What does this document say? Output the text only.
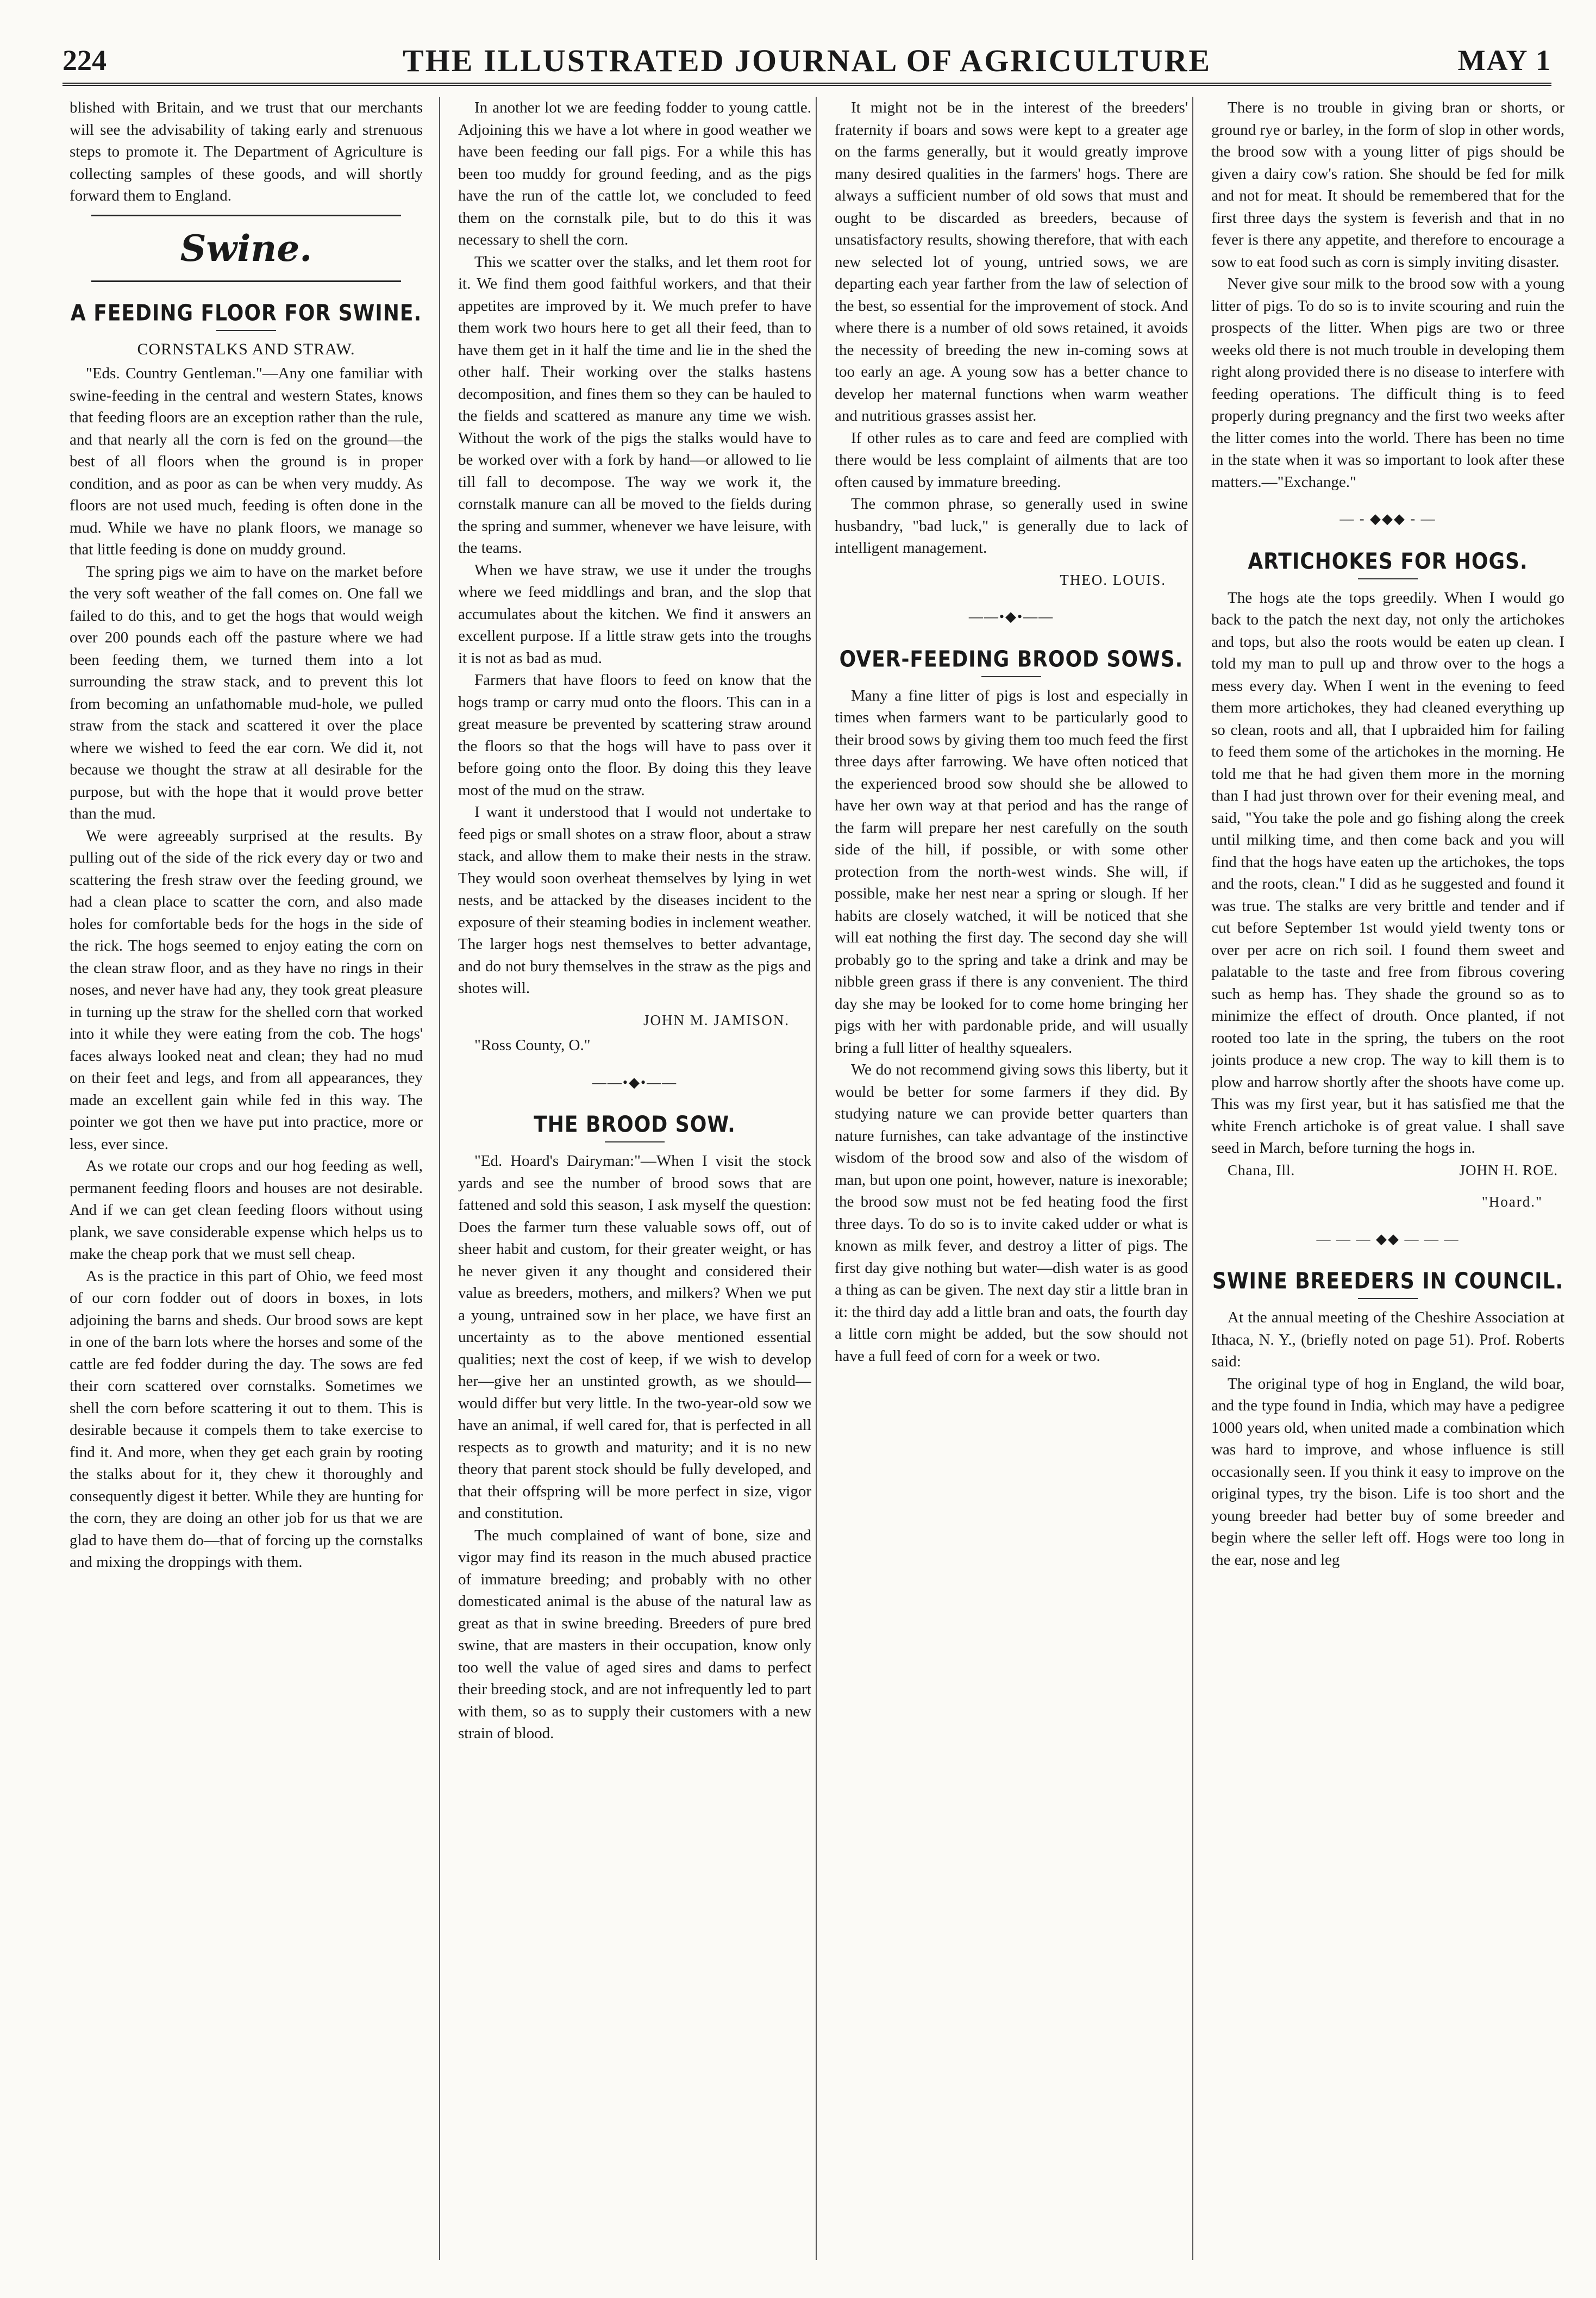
224	THE ILLUSTRATED JOURNAL OF AGRICULTURE	MAY 1

blished with Britain, and we trust that our merchants will see the advisability of taking early and strenuous steps to promote it. The Department of Agriculture is collecting samples of these goods, and will shortly forward them to England.

Swine.
A FEEDING FLOOR FOR SWINE.
CORNSTALKS AND STRAW.

"Eds. Country Gentleman."—Any one familiar with swine-feeding in the central and western States, knows that feeding floors are an exception rather than the rule, and that nearly all the corn is fed on the ground—the best of all floors when the ground is in proper condition, and as poor as can be when very muddy. As floors are not used much, feeding is often done in the mud. While we have no plank floors, we manage so that little feeding is done on muddy ground.

The spring pigs we aim to have on the market before the very soft weather of the fall comes on. One fall we failed to do this, and to get the hogs that would weigh over 200 pounds each off the pasture where we had been feeding them, we turned them into a lot surrounding the straw stack, and to prevent this lot from becoming an unfathomable mud-hole, we pulled straw from the stack and scattered it over the place where we wished to feed the ear corn. We did it, not because we thought the straw at all desirable for the purpose, but with the hope that it would prove better than the mud.

We were agreeably surprised at the results. By pulling out of the side of the rick every day or two and scattering the fresh straw over the feeding ground, we had a clean place to scatter the corn, and also made holes for comfortable beds for the hogs in the side of the rick. The hogs seemed to enjoy eating the corn on the clean straw floor, and as they have no rings in their noses, and never have had any, they took great pleasure in turning up the straw for the shelled corn that worked into it while they were eating from the cob. The hogs' faces always looked neat and clean; they had no mud on their feet and legs, and from all appearances, they made an excellent gain while fed in this way. The pointer we got then we have put into practice, more or less, ever since.

As we rotate our crops and our hog feeding as well, permanent feeding floors and houses are not desirable. And if we can get clean feeding floors without using plank, we save considerable expense which helps us to make the cheap pork that we must sell cheap.

As is the practice in this part of Ohio, we feed most of our corn fodder out of doors in boxes, in lots adjoining the barns and sheds. Our brood sows are kept in one of the barn lots where the horses and some of the cattle are fed fodder during the day. The sows are fed their corn scattered over cornstalks. Sometimes we shell the corn before scattering it out to them. This is desirable because it compels them to take exercise to find it. And more, when they get each grain by rooting the stalks about for it, they chew it thoroughly and consequently digest it better. While they are hunting for the corn, they are doing an other job for us that we are glad to have them do—that of forcing up the cornstalks and mixing the droppings with them.

In another lot we are feeding fodder to young cattle. Adjoining this we have a lot where in good weather we have been feeding our fall pigs. For a while this has been too muddy for ground feeding, and as the pigs have the run of the cattle lot, we concluded to feed them on the cornstalk pile, but to do this it was necessary to shell the corn.

This we scatter over the stalks, and let them root for it. We find them good faithful workers, and that their appetites are improved by it. We much prefer to have them work two hours here to get all their feed, than to have them get in it half the time and lie in the shed the other half. Their working over the stalks hastens decomposition, and fines them so they can be hauled to the fields and scattered as manure any time we wish. Without the work of the pigs the stalks would have to be worked over with a fork by hand—or allowed to lie till fall to decompose. The way we work it, the cornstalk manure can all be moved to the fields during the spring and summer, whenever we have leisure, with the teams.

When we have straw, we use it under the troughs where we feed middlings and bran, and the slop that accumulates about the kitchen. We find it answers an excellent purpose. If a little straw gets into the troughs it is not as bad as mud.

Farmers that have floors to feed on know that the hogs tramp or carry mud onto the floors. This can in a great measure be prevented by scattering straw around the floors so that the hogs will have to pass over it before going onto the floor. By doing this they leave most of the mud on the straw.

I want it understood that I would not undertake to feed pigs or small shotes on a straw floor, about a straw stack, and allow them to make their nests in the straw. They would soon overheat themselves by lying in wet nests, and be attacked by the diseases incident to the exposure of their steaming bodies in inclement weather. The larger hogs nest themselves to better advantage, and do not bury themselves in the straw as the pigs and shotes will.

JOHN M. JAMISON.
"Ross County, O."
——•◆•——
THE BROOD SOW.

"Ed. Hoard's Dairyman:"—When I visit the stock yards and see the number of brood sows that are fattened and sold this season, I ask myself the question: Does the farmer turn these valuable sows off, out of sheer habit and custom, for their greater weight, or has he never given it any thought and considered their value as breeders, mothers, and milkers? When we put a young, untrained sow in her place, we have first an uncertainty as to the above mentioned essential qualities; next the cost of keep, if we wish to develop her—give her an unstinted growth, as we should—would differ but very little. In the two-year-old sow we have an animal, if well cared for, that is perfected in all respects as to growth and maturity; and it is no new theory that parent stock should be fully developed, and that their offspring will be more perfect in size, vigor and constitution.

The much complained of want of bone, size and vigor may find its reason in the much abused practice of immature breeding; and probably with no other domesticated animal is the abuse of the natural law as great as that in swine breeding. Breeders of pure bred swine, that are masters in their occupation, know only too well the value of aged sires and dams to perfect their breeding stock, and are not infrequently led to part with them, so as to supply their customers with a new strain of blood.

It might not be in the interest of the breeders' fraternity if boars and sows were kept to a greater age on the farms generally, but it would greatly improve many desired qualities in the farmers' hogs. There are always a sufficient number of old sows that must and ought to be discarded as breeders, because of unsatisfactory results, showing therefore, that with each new selected lot of young, untried sows, we are departing each year farther from the law of selection of the best, so essential for the improvement of stock. And where there is a number of old sows retained, it avoids the necessity of breeding the new in-coming sows at too early an age. A young sow has a better chance to develop her maternal functions when warm weather and nutritious grasses assist her.

If other rules as to care and feed are complied with there would be less complaint of ailments that are too often caused by immature breeding.

The common phrase, so generally used in swine husbandry, "bad luck," is generally due to lack of intelligent management.

THEO. LOUIS.
——•◆•——
OVER-FEEDING BROOD SOWS.

Many a fine litter of pigs is lost and especially in times when farmers want to be particularly good to their brood sows by giving them too much feed the first three days after farrowing. We have often noticed that the experienced brood sow should she be allowed to have her own way at that period and has the range of the farm will prepare her nest carefully on the south side of the hill, if possible, or with some other protection from the north-west winds. She will, if possible, make her nest near a spring or slough. If her habits are closely watched, it will be noticed that she will eat nothing the first day. The second day she will probably go to the spring and take a drink and may be nibble green grass if there is any convenient. The third day she may be looked for to come home bringing her pigs with her with pardonable pride, and will usually bring a full litter of healthy squealers.

We do not recommend giving sows this liberty, but it would be better for some farmers if they did. By studying nature we can provide better quarters than nature furnishes, can take advantage of the instinctive wisdom of the brood sow and also of the wisdom of man, but upon one point, however, nature is inexorable; the brood sow must not be fed heating food the first three days. To do so is to invite caked udder or what is known as milk fever, and destroy a litter of pigs. The first day give nothing but water—dish water is as good a thing as can be given. The next day stir a little bran in it: the third day add a little bran and oats, the fourth day a little corn might be added, but the sow should not have a full feed of corn for a week or two.

There is no trouble in giving bran or shorts, or ground rye or barley, in the form of slop in other words, the brood sow with a young litter of pigs should be given a dairy cow's ration. She should be fed for milk and not for meat. It should be remembered that for the first three days the system is feverish and that in no fever is there any appetite, and therefore to encourage a sow to eat food such as corn is simply inviting disaster.

Never give sour milk to the brood sow with a young litter of pigs. To do so is to invite scouring and ruin the prospects of the litter. When pigs are two or three weeks old there is not much trouble in developing them right along provided there is no disease to interfere with feeding operations. The difficult thing is to feed properly during pregnancy and the first two weeks after the litter comes into the world. There has been no time in the state when it was so important to look after these matters.—"Exchange."

— - ◆◆◆ - —
ARTICHOKES FOR HOGS.

The hogs ate the tops greedily. When I would go back to the patch the next day, not only the artichokes and tops, but also the roots would be eaten up clean. I told my man to pull up and throw over to the hogs a mess every day. When I went in the evening to feed them more artichokes, they had cleaned everything up so clean, roots and all, that I upbraided him for failing to feed them some of the artichokes in the morning. He told me that he had given them more in the morning than I had just thrown over for their evening meal, and said, "You take the pole and go fishing along the creek until milking time, and then come back and you will find that the hogs have eaten up the artichokes, the tops and the roots, clean." I did as he suggested and found it was true. The stalks are very brittle and tender and if cut before September 1st would yield twenty tons or over per acre on rich soil. I found them sweet and palatable to the taste and free from fibrous covering such as hemp has. They shade the ground so as to minimize the effect of drouth. Once planted, if not rooted too late in the spring, the tubers on the root joints produce a new crop. The way to kill them is to plow and harrow shortly after the shoots have come up. This was my first year, but it has satisfied me that the white French artichoke is of great value. I shall save seed in March, before turning the hogs in.

Chana, Ill.	JOHN H. ROE.
"Hoard."
— — — ◆◆ — — —
SWINE BREEDERS IN COUNCIL.

At the annual meeting of the Cheshire Association at Ithaca, N. Y., (briefly noted on page 51). Prof. Roberts said:

The original type of hog in England, the wild boar, and the type found in India, which may have a pedigree 1000 years old, when united made a combination which was hard to improve, and whose influence is still occasionally seen. If you think it easy to improve on the original types, try the bison. Life is too short and the young breeder had better buy of some breeder and begin where the seller left off. Hogs were too long in the ear, nose and leg
